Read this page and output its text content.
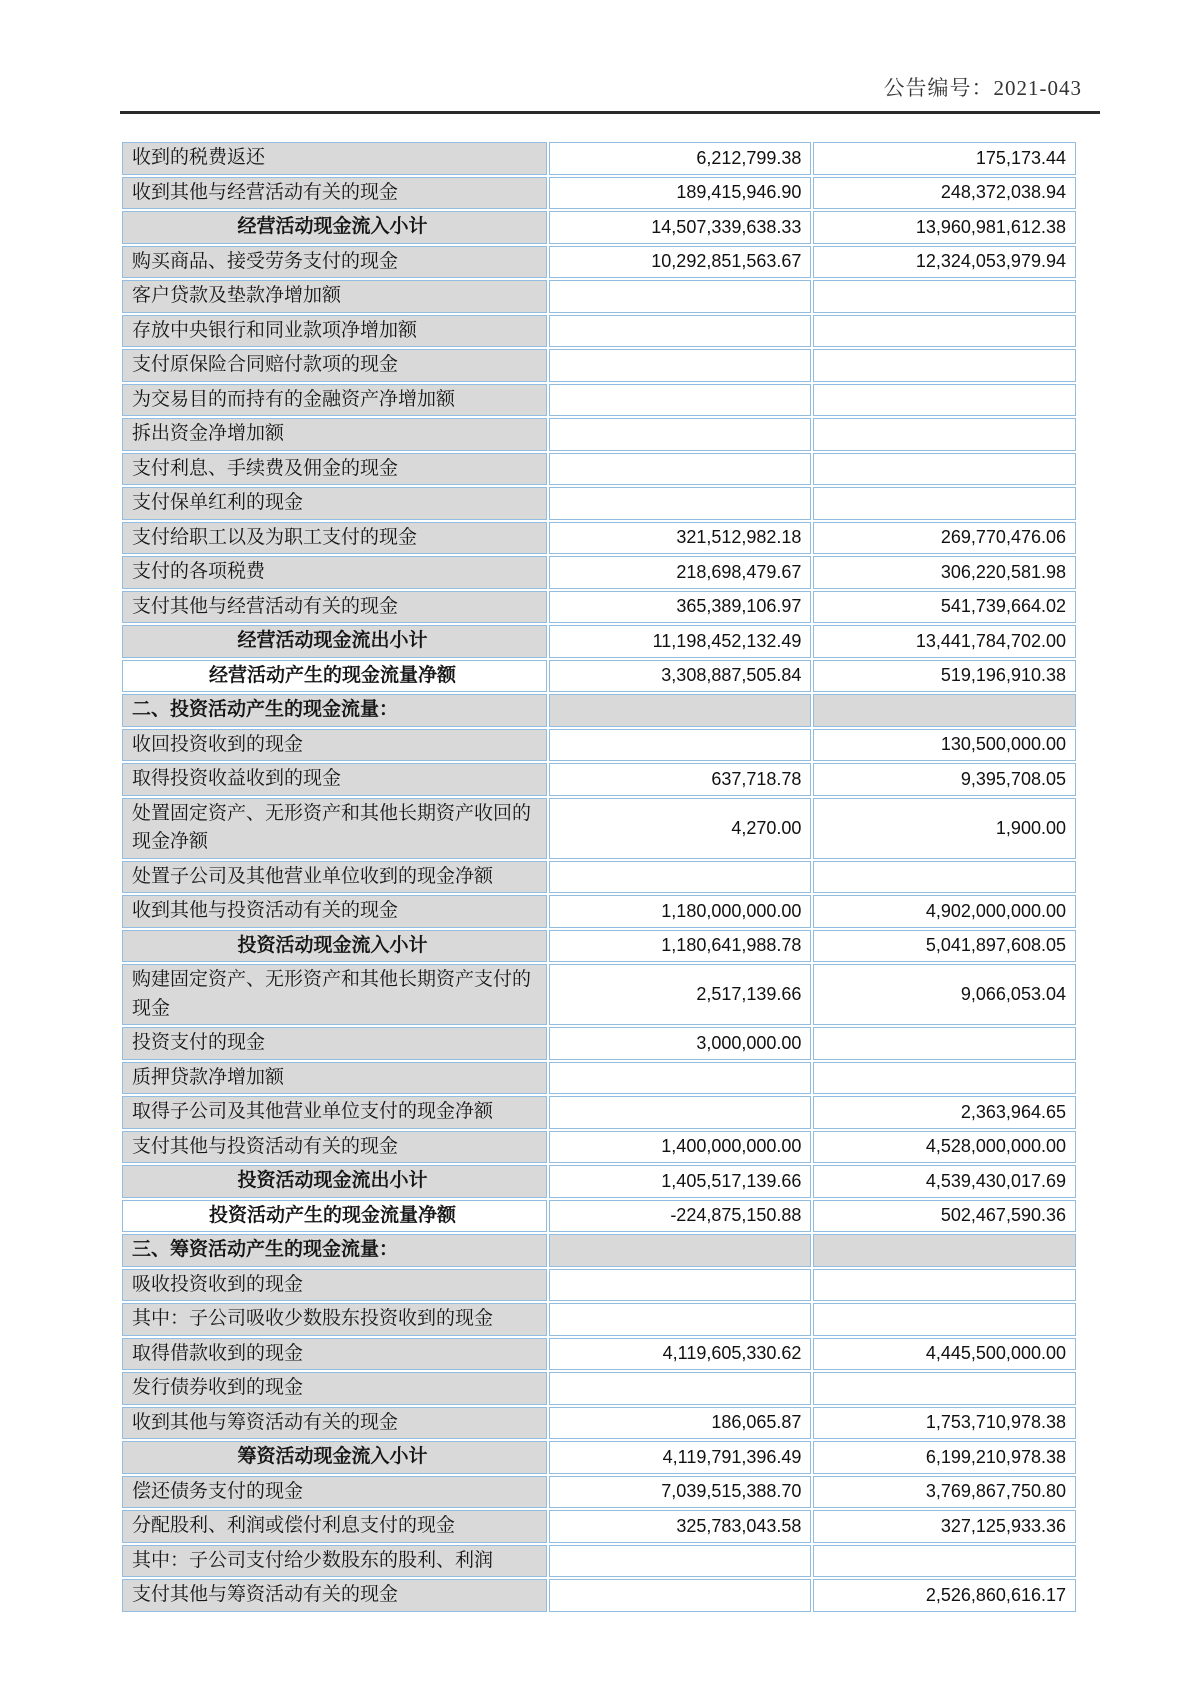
公告编号：2021-043
收到的税费返还	6,212,799.38	175,173.44
收到其他与经营活动有关的现金	189,415,946.90	248,372,038.94
经营活动现金流入小计	14,507,339,638.33	13,960,981,612.38
购买商品、接受劳务支付的现金	10,292,851,563.67	12,324,053,979.94
客户贷款及垫款净增加额		
存放中央银行和同业款项净增加额		
支付原保险合同赔付款项的现金		
为交易目的而持有的金融资产净增加额		
拆出资金净增加额		
支付利息、手续费及佣金的现金		
支付保单红利的现金		
支付给职工以及为职工支付的现金	321,512,982.18	269,770,476.06
支付的各项税费	218,698,479.67	306,220,581.98
支付其他与经营活动有关的现金	365,389,106.97	541,739,664.02
经营活动现金流出小计	11,198,452,132.49	13,441,784,702.00
经营活动产生的现金流量净额	3,308,887,505.84	519,196,910.38
二、投资活动产生的现金流量：		
收回投资收到的现金		130,500,000.00
取得投资收益收到的现金	637,718.78	9,395,708.05
处置固定资产、无形资产和其他长期资产收回的现金净额	4,270.00	1,900.00
处置子公司及其他营业单位收到的现金净额		
收到其他与投资活动有关的现金	1,180,000,000.00	4,902,000,000.00
投资活动现金流入小计	1,180,641,988.78	5,041,897,608.05
购建固定资产、无形资产和其他长期资产支付的现金	2,517,139.66	9,066,053.04
投资支付的现金	3,000,000.00	
质押贷款净增加额		
取得子公司及其他营业单位支付的现金净额		2,363,964.65
支付其他与投资活动有关的现金	1,400,000,000.00	4,528,000,000.00
投资活动现金流出小计	1,405,517,139.66	4,539,430,017.69
投资活动产生的现金流量净额	-224,875,150.88	502,467,590.36
三、筹资活动产生的现金流量：		
吸收投资收到的现金		
其中：子公司吸收少数股东投资收到的现金		
取得借款收到的现金	4,119,605,330.62	4,445,500,000.00
发行债券收到的现金		
收到其他与筹资活动有关的现金	186,065.87	1,753,710,978.38
筹资活动现金流入小计	4,119,791,396.49	6,199,210,978.38
偿还债务支付的现金	7,039,515,388.70	3,769,867,750.80
分配股利、利润或偿付利息支付的现金	325,783,043.58	327,125,933.36
其中：子公司支付给少数股东的股利、利润		
支付其他与筹资活动有关的现金		2,526,860,616.17
